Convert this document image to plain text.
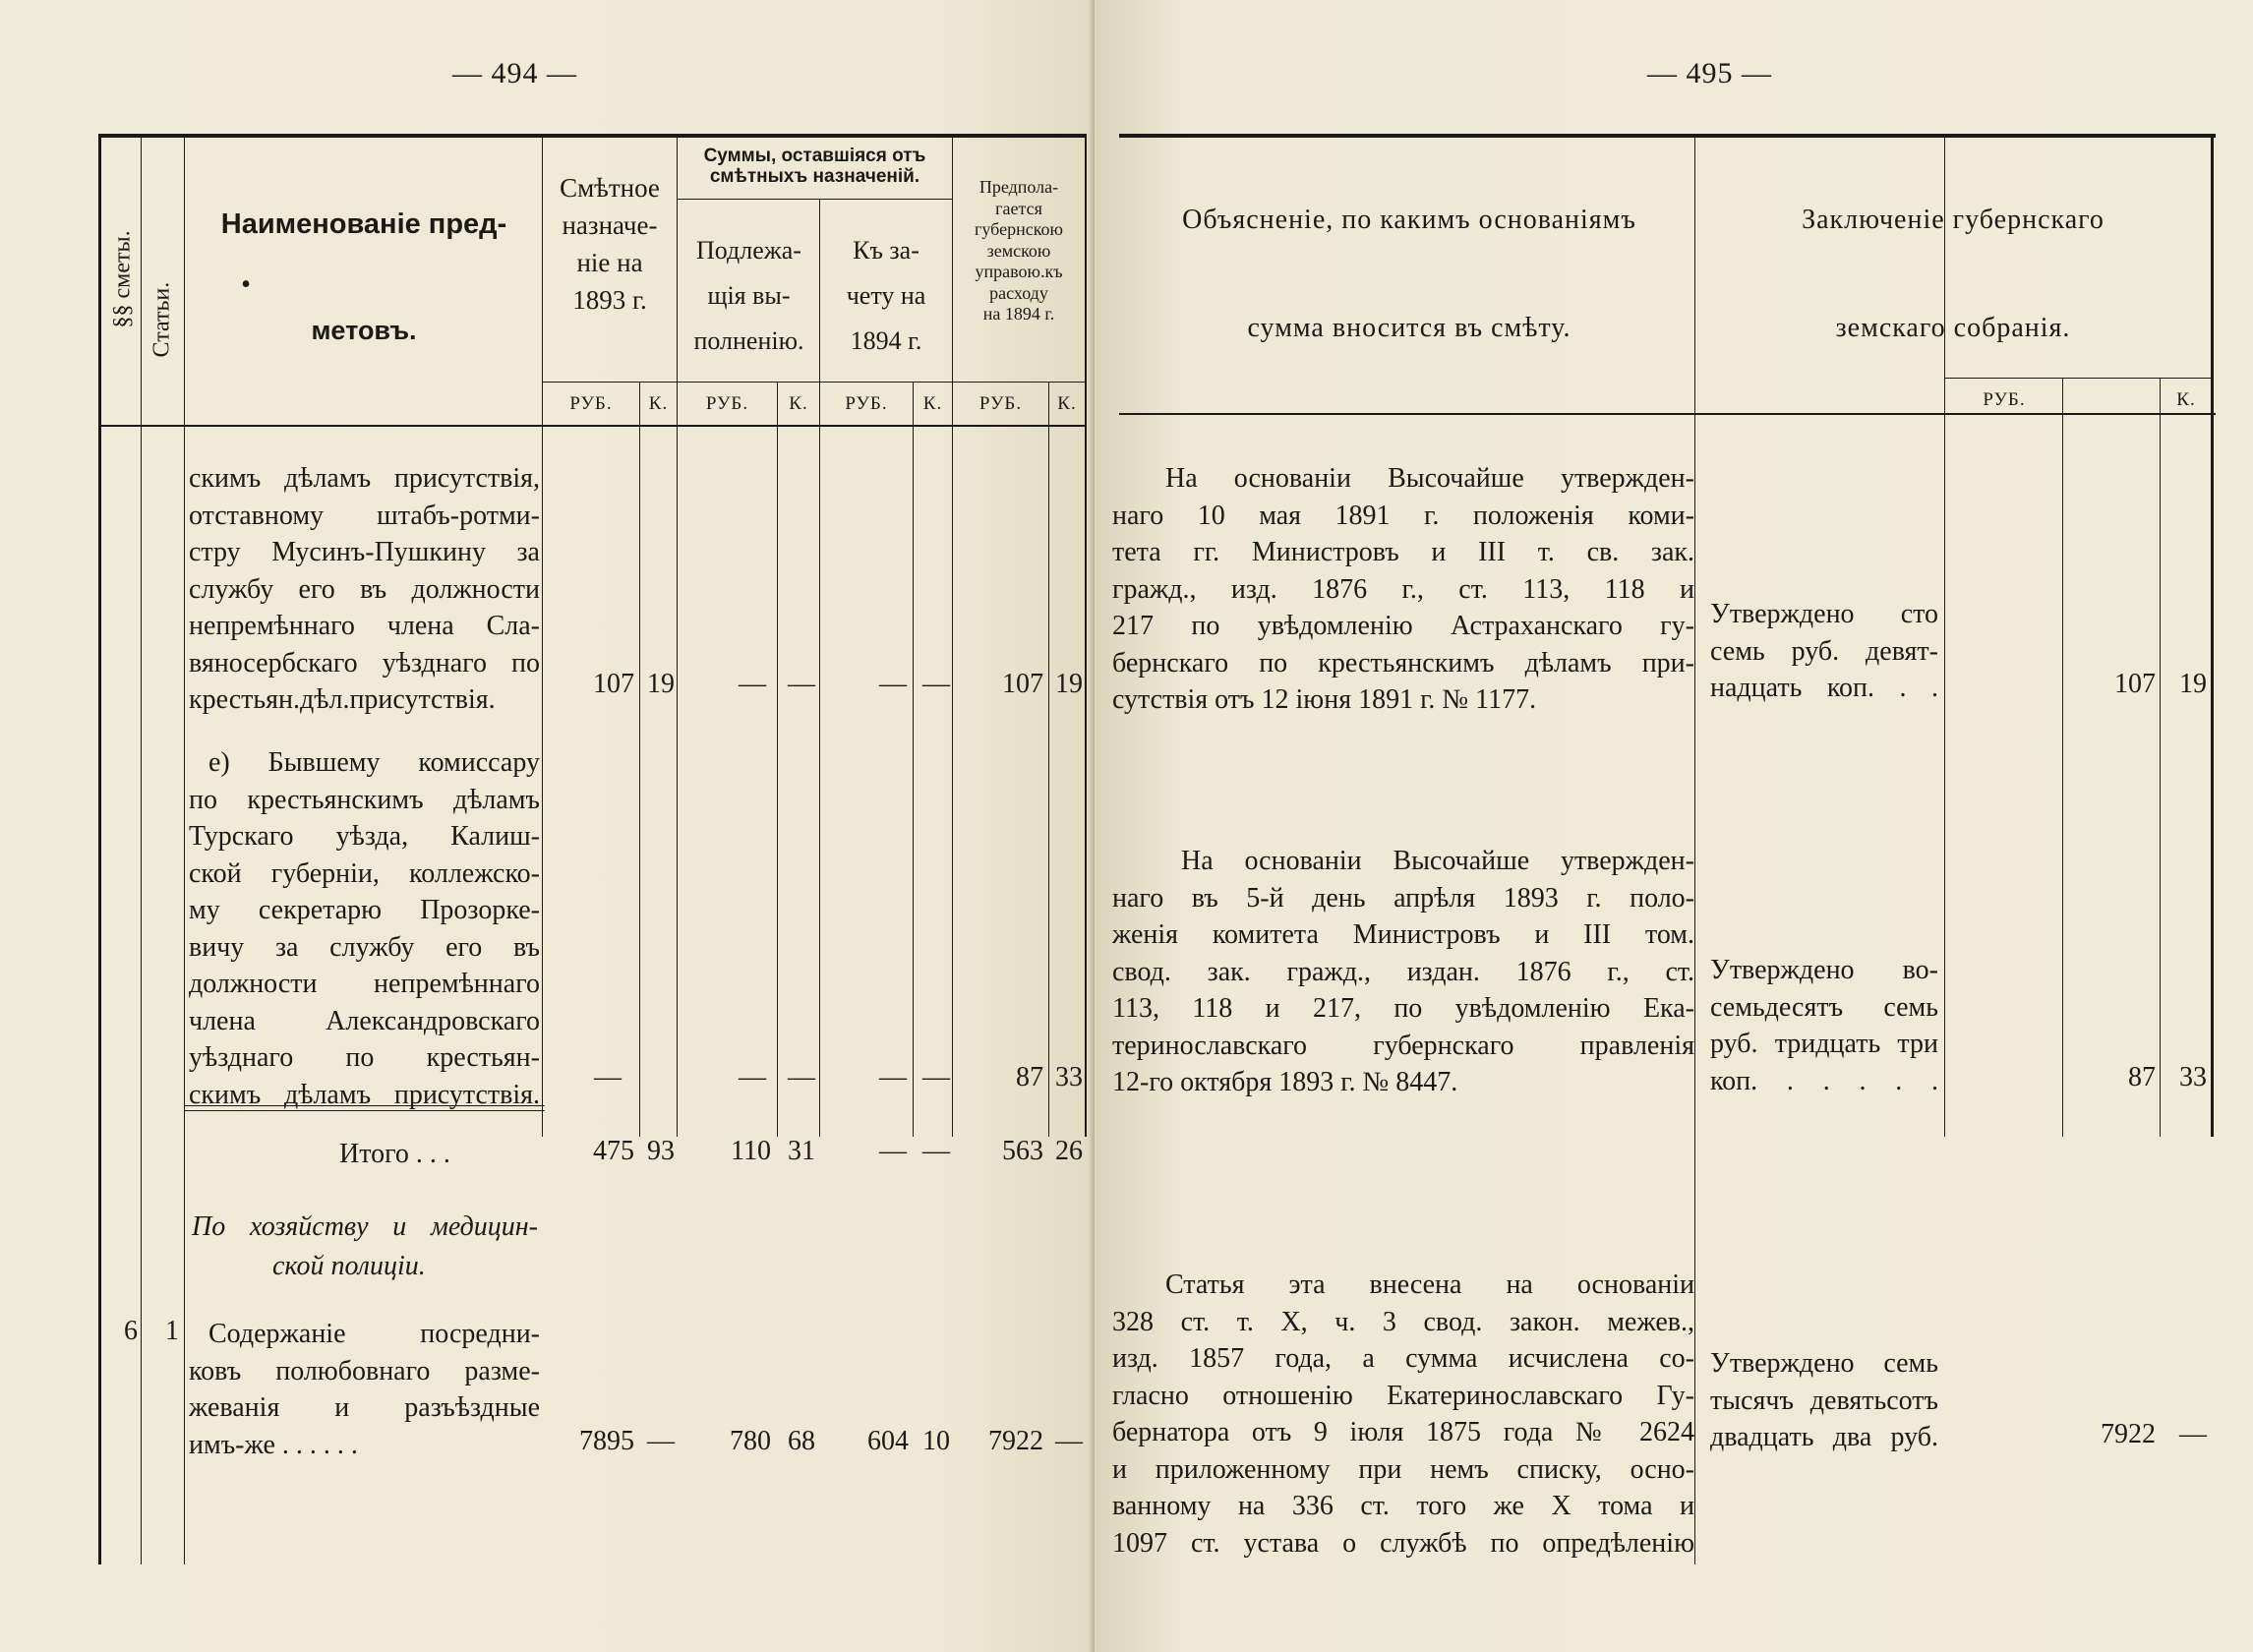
— 494 —
§§ сметы. Статьи.
Наименованіе пред-
•
метовъ.
Смѣтное
назначе-
ніе на
1893 г.
Суммы, оставшіяся отъ
смѣтныхъ назначеній.
Подлежа-
щія вы-
полненію.
Къ за-
чету на
1894 г.
Предпола-
гается
губернскою
земскою
управою.къ
расходу
на 1894 г.
РУБ.	К.	РУБ.	К.	РУБ.	К.	РУБ.	К.
скимъ дѣламъ присутствія,
отставному штабъ-ротми-
стру Мусинъ-Пушкину за
службу его въ должности
непремѣннаго члена Сла-
вяносербскаго уѣзднаго по
крестьян.дѣл.присутствія.
107 19	— —	— —	107 19
е) Бывшему комиссару
по крестьянскимъ дѣламъ
Турскаго уѣзда, Калиш-
ской губерніи, коллежско-
му секретарю Прозорке-
вичу за службу его въ
должности непремѣннаго
члена Александровскаго
уѣзднаго по крестьян-
скимъ дѣламъ присутствія.
—	— —	— —	87 33
Итого . . .	475 93	110 31	— —	563 26
По хозяйству и медицин-
ской полиціи.
6 1	Содержаніе посредни-
ковъ полюбовнаго разме-
жеванія и разъѣздные
имъ-же . . . . . .	7895 —	780 68	604 10	7922 —
— 495 —
Объясненіе, по какимъ основаніямъ
сумма вносится въ смѣту.
Заключеніе губернскаго
земскаго собранія.
РУБ.	К.
На основаніи Высочайше утвержден-
наго 10 мая 1891 г. положенія коми-
тета гг. Министровъ и III т. св. зак.
гражд., изд. 1876 г., ст. 113, 118 и
217 по увѣдомленію Астраханскаго гу-
бернскаго по крестьянскимъ дѣламъ при-
сутствія отъ 12 іюня 1891 г. № 1177.
Утверждено сто
семь руб. девят-
надцать коп. . .	107 19
На основаніи Высочайше утвержден-
наго въ 5-й день апрѣля 1893 г. поло-
женія комитета Министровъ и III том.
свод. зак. гражд., издан. 1876 г., ст.
113, 118 и 217, по увѣдомленію Ека-
теринославскаго губернскаго правленія
12-го октября 1893 г. № 8447.
Утверждено во-
семьдесятъ семь
руб. тридцать три
коп. . . . . .	87 33
Статья эта внесена на основаніи
328 ст. т. X, ч. 3 свод. закон. межев.,
изд. 1857 года, а сумма исчислена со-
гласно отношенію Екатеринославскаго Гу-
бернатора отъ 9 іюля 1875 года № 2624
и приложенному при немъ списку, осно-
ванному на 336 ст. того же X тома и
1097 ст. устава о службѣ по опредѣленію
Утверждено семь
тысячъ девятьсотъ
двадцать два руб.	7922 —
